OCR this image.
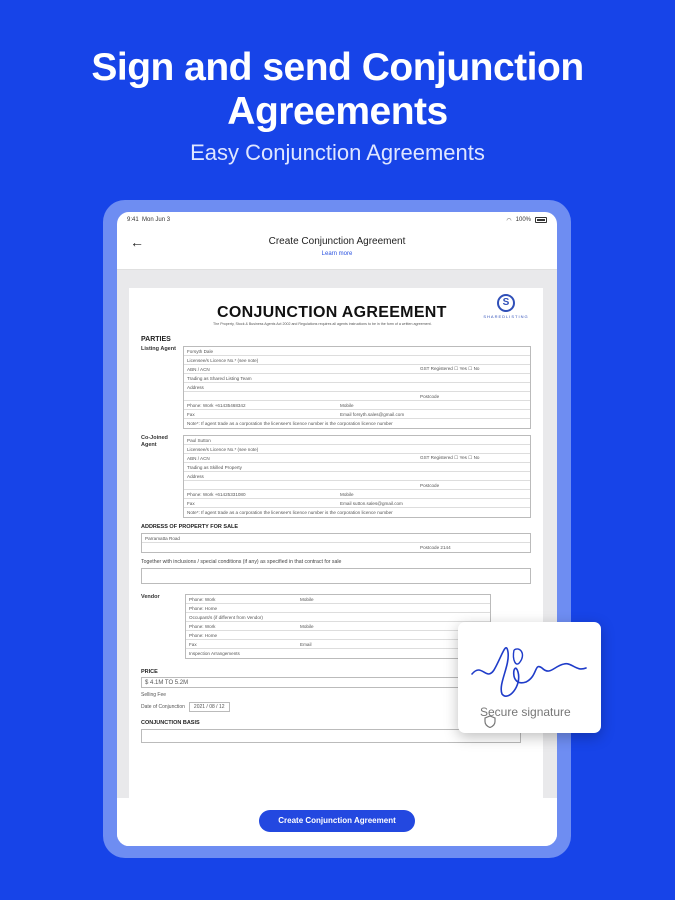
Sign and send Conjunction Agreements
Easy Conjunction Agreements
9:41 Mon Jun 3	◠ 100%
←	Create Conjunction Agreement
Learn more
CONJUNCTION AGREEMENT
The Property, Stock & Business Agents Act 2002 and Regulations requires all agents instructions to be in the form of a written agreement.
S
SHAREDLISTING
PARTIES
Listing Agent	Forsyth Dale
Licensee/s Licence No.* (see note)
ABN / ACN	GST Registered ☐ Yes ☐ No
Trading as Shared Listing Team
Address
Postcode
Phone: Work +61435468342	Mobile
Fax	Email forsyth.sales@gmail.com
Note*: If agent trade as a corporation the licensee's licence number is the corporation licence number
Co-Joined Agent
Paul Sutton
Licensee/s Licence No.* (see note)
ABN / ACN	GST Registered ☐ Yes ☐ No
Trading as Skilled Property
Address
Postcode
Phone: Work +61425331080	Mobile
Fax	Email sutton.sales@gmail.com
Note*: If agent trade as a corporation the licensee's licence number is the corporation licence number
ADDRESS OF PROPERTY FOR SALE
Parramatta Road
Postcode 2144
Together with inclusions / special conditions (if any) as specified in that contract for sale
Vendor	Phone: Work	Mobile
Phone: Home
Occupant/s (if different from Vendor)
Phone: Work	Mobile
Phone: Home
Fax	Email
Inspection Arrangements
PRICE
$ 4.1M TO 5.2M
Selling Fee
Date of Conjunction 2021 / 08 / 12
CONJUNCTION BASIS
Create Conjunction Agreement
Secure signature
